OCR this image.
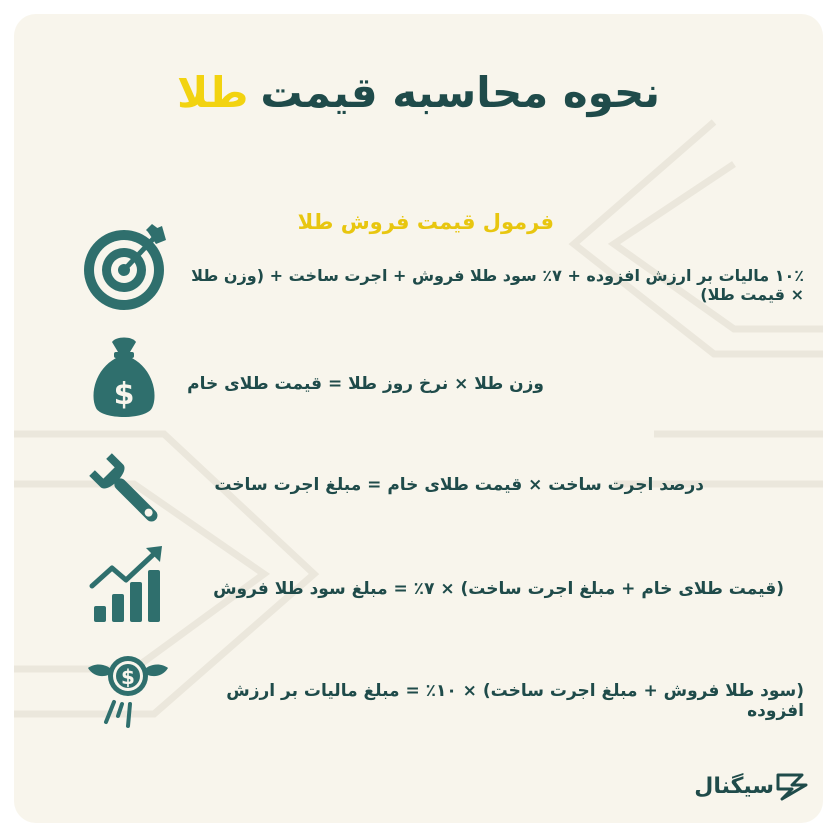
نحوه محاسبه قیمت
طلا
فرمول قیمت فروش طلا
$
$
۱۰٪ مالیات بر ارزش افزوده + ۷٪ سود طلا فروش + اجرت ساخت + (وزن طلا × قیمت طلا)
وزن طلا × نرخ روز طلا = قیمت طلای خام
درصد اجرت ساخت × قیمت طلای خام = مبلغ اجرت ساخت
(قیمت طلای خام + مبلغ اجرت ساخت) × ۷٪ = مبلغ سود طلا فروش
(سود طلا فروش + مبلغ اجرت ساخت) × ۱۰٪ = مبلغ مالیات بر ارزش افزوده
سیگنال
